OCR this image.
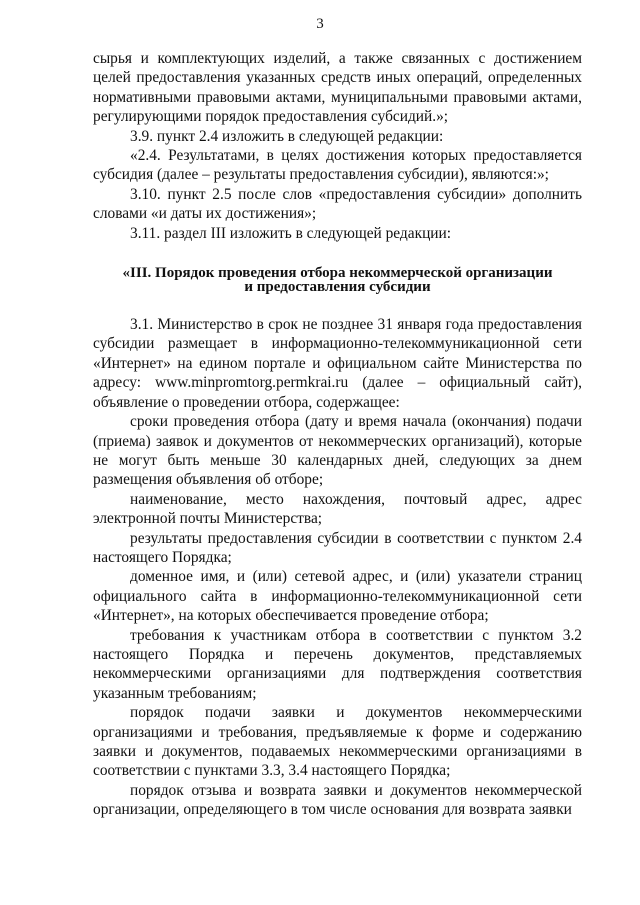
3

сырья и комплектующих изделий, а также связанных с достижением целей предоставления указанных средств иных операций, определенных нормативными правовыми актами, муниципальными правовыми актами, регулирующими порядок предоставления субсидий.»;

3.9. пункт 2.4 изложить в следующей редакции:

«2.4. Результатами, в целях достижения которых предоставляется субсидия (далее – результаты предоставления субсидии), являются:»;

3.10. пункт 2.5 после слов «предоставления субсидии» дополнить словами «и даты их достижения»;

3.11. раздел III изложить в следующей редакции:

«III. Порядок проведения отбора некоммерческой организации
и предоставления субсидии

3.1. Министерство в срок не позднее 31 января года предоставления субсидии размещает в информационно-телекоммуникационной сети «Интернет» на едином портале и официальном сайте Министерства по адресу: www.minpromtorg.permkrai.ru (далее – официальный сайт), объявление о проведении отбора, содержащее:

сроки проведения отбора (дату и время начала (окончания) подачи (приема) заявок и документов от некоммерческих организаций), которые не могут быть меньше 30 календарных дней, следующих за днем размещения объявления об отборе;

наименование, место нахождения, почтовый адрес, адрес электронной почты Министерства;

результаты предоставления субсидии в соответствии с пунктом 2.4 настоящего Порядка;

доменное имя, и (или) сетевой адрес, и (или) указатели страниц официального сайта в информационно-телекоммуникационной сети «Интернет», на которых обеспечивается проведение отбора;

требования к участникам отбора в соответствии с пунктом 3.2 настоящего Порядка и перечень документов, представляемых некоммерческими организациями для подтверждения соответствия указанным требованиям;

порядок подачи заявки и документов некоммерческими организациями и требования, предъявляемые к форме и содержанию заявки и документов, подаваемых некоммерческими организациями в соответствии с пунктами 3.3, 3.4 настоящего Порядка;

порядок отзыва и возврата заявки и документов некоммерческой организации, определяющего в том числе основания для возврата заявки
